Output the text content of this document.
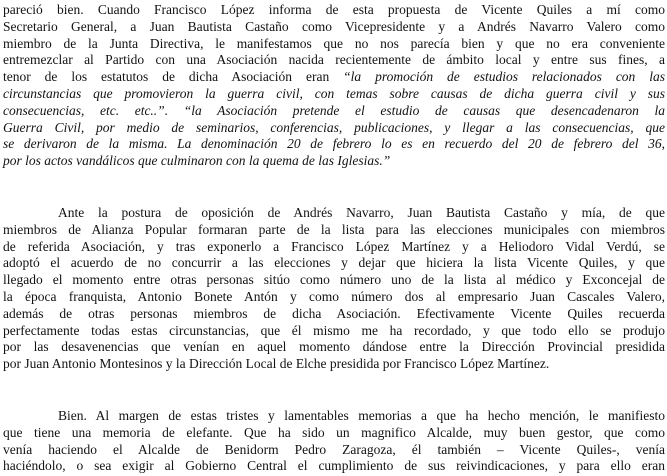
pareció bien. Cuando Francisco López informa de esta propuesta de Vicente Quiles a mí como
Secretario General, a Juan Bautista Castaño como Vicepresidente y a Andrés Navarro Valero como
miembro de la Junta Directiva, le manifestamos que no nos parecía bien y que no era conveniente
entremezclar al Partido con una Asociación nacida recientemente de ámbito local y entre sus fines, a
tenor de los estatutos de dicha Asociación eran “la promoción de estudios relacionados con las
circunstancias que promovieron la guerra civil, con temas sobre causas de dicha guerra civil y sus
consecuencias, etc. etc..”. “la Asociación pretende el estudio de causas que desencadenaron la
Guerra Civil, por medio de seminarios, conferencias, publicaciones, y llegar a las consecuencias, que
se derivaron de la misma. La denominación 20 de febrero lo es en recuerdo del 20 de febrero del 36,
por los actos vandálicos que culminaron con la quema de las Iglesias.”
Ante la postura de oposición de Andrés Navarro, Juan Bautista Castaño y mía, de que
miembros de Alianza Popular formaran parte de la lista para las elecciones municipales con miembros
de referida Asociación, y tras exponerlo a Francisco López Martínez y a Heliodoro Vidal Verdú, se
adoptó el acuerdo de no concurrir a las elecciones y dejar que hiciera la lista Vicente Quiles, y que
llegado el momento entre otras personas sitúo como número uno de la lista al médico y Exconcejal de
la época franquista, Antonio Bonete Antón y como número dos al empresario Juan Cascales Valero,
además de otras personas miembros de dicha Asociación. Efectivamente Vicente Quiles recuerda
perfectamente todas estas circunstancias, que él mismo me ha recordado, y que todo ello se produjo
por las desavenencias que venían en aquel momento dándose entre la Dirección Provincial presidida
por Juan Antonio Montesinos y la Dirección Local de Elche presidida por Francisco López Martínez.
Bien. Al margen de estas tristes y lamentables memorias a que ha hecho mención, le manifiesto
que tiene una memoria de elefante. Que ha sido un magnifico Alcalde, muy buen gestor, que como
venía haciendo el Alcalde de Benidorm Pedro Zaragoza, él también – Vicente Quiles-, venía
haciéndolo, o sea exigir al Gobierno Central el cumplimiento de sus reivindicaciones, y para ello eran
